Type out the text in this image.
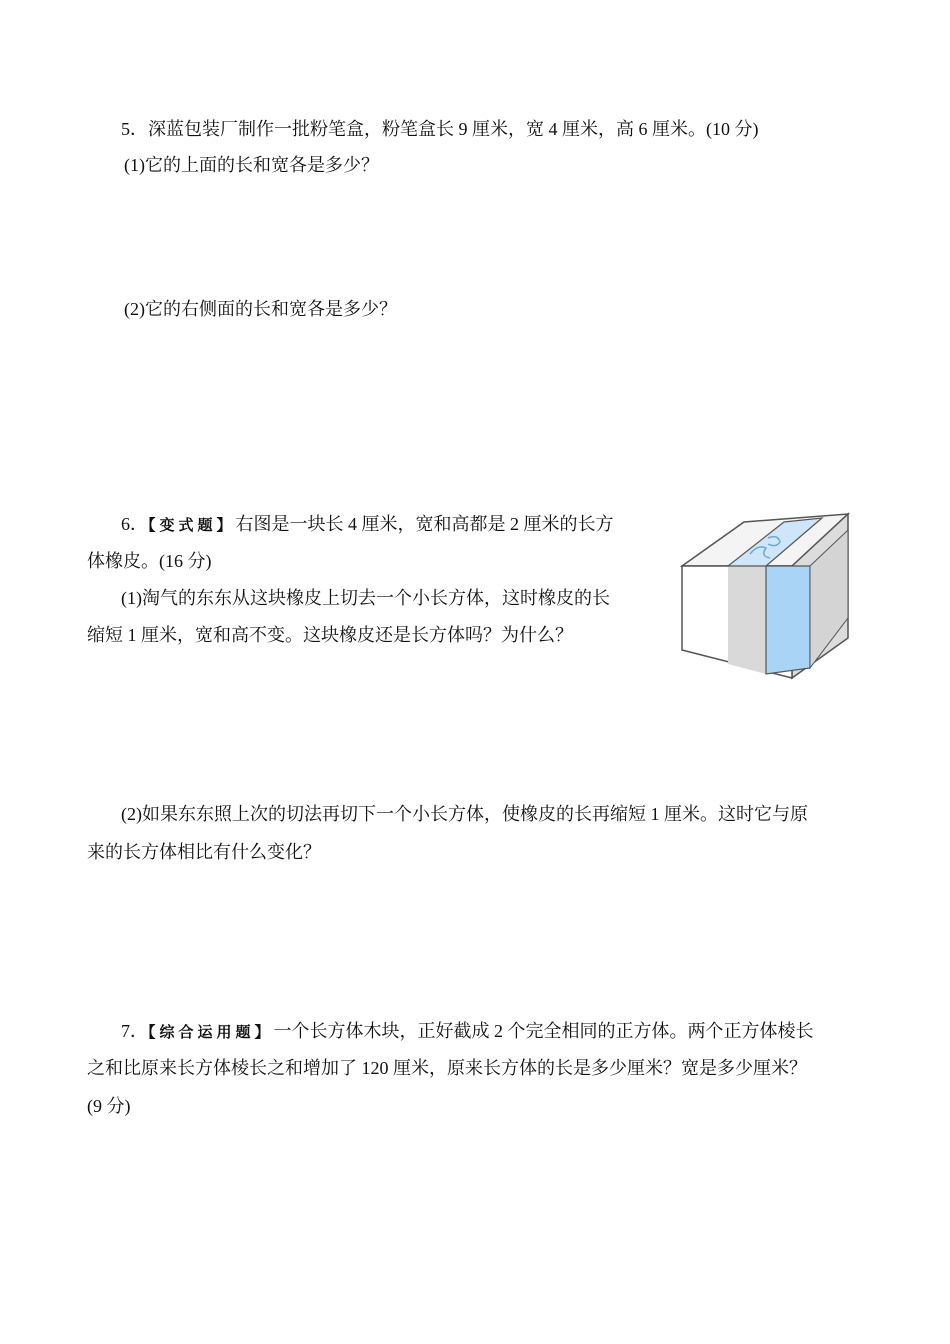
5．深蓝包装厂制作一批粉笔盒，粉笔盒长 9 厘米，宽 4 厘米，高 6 厘米。(10 分)
(1)它的上面的长和宽各是多少？
(2)它的右侧面的长和宽各是多少？
6．【变式题】右图是一块长 4 厘米，宽和高都是 2 厘米的长方
体橡皮。(16 分)
(1)淘气的东东从这块橡皮上切去一个小长方体，这时橡皮的长
缩短 1 厘米，宽和高不变。这块橡皮还是长方体吗？为什么？
(2)如果东东照上次的切法再切下一个小长方体，使橡皮的长再缩短 1 厘米。这时它与原
来的长方体相比有什么变化？
7．【综合运用题】一个长方体木块，正好截成 2 个完全相同的正方体。两个正方体棱长
之和比原来长方体棱长之和增加了 120 厘米，原来长方体的长是多少厘米？宽是多少厘米？
(9 分)
